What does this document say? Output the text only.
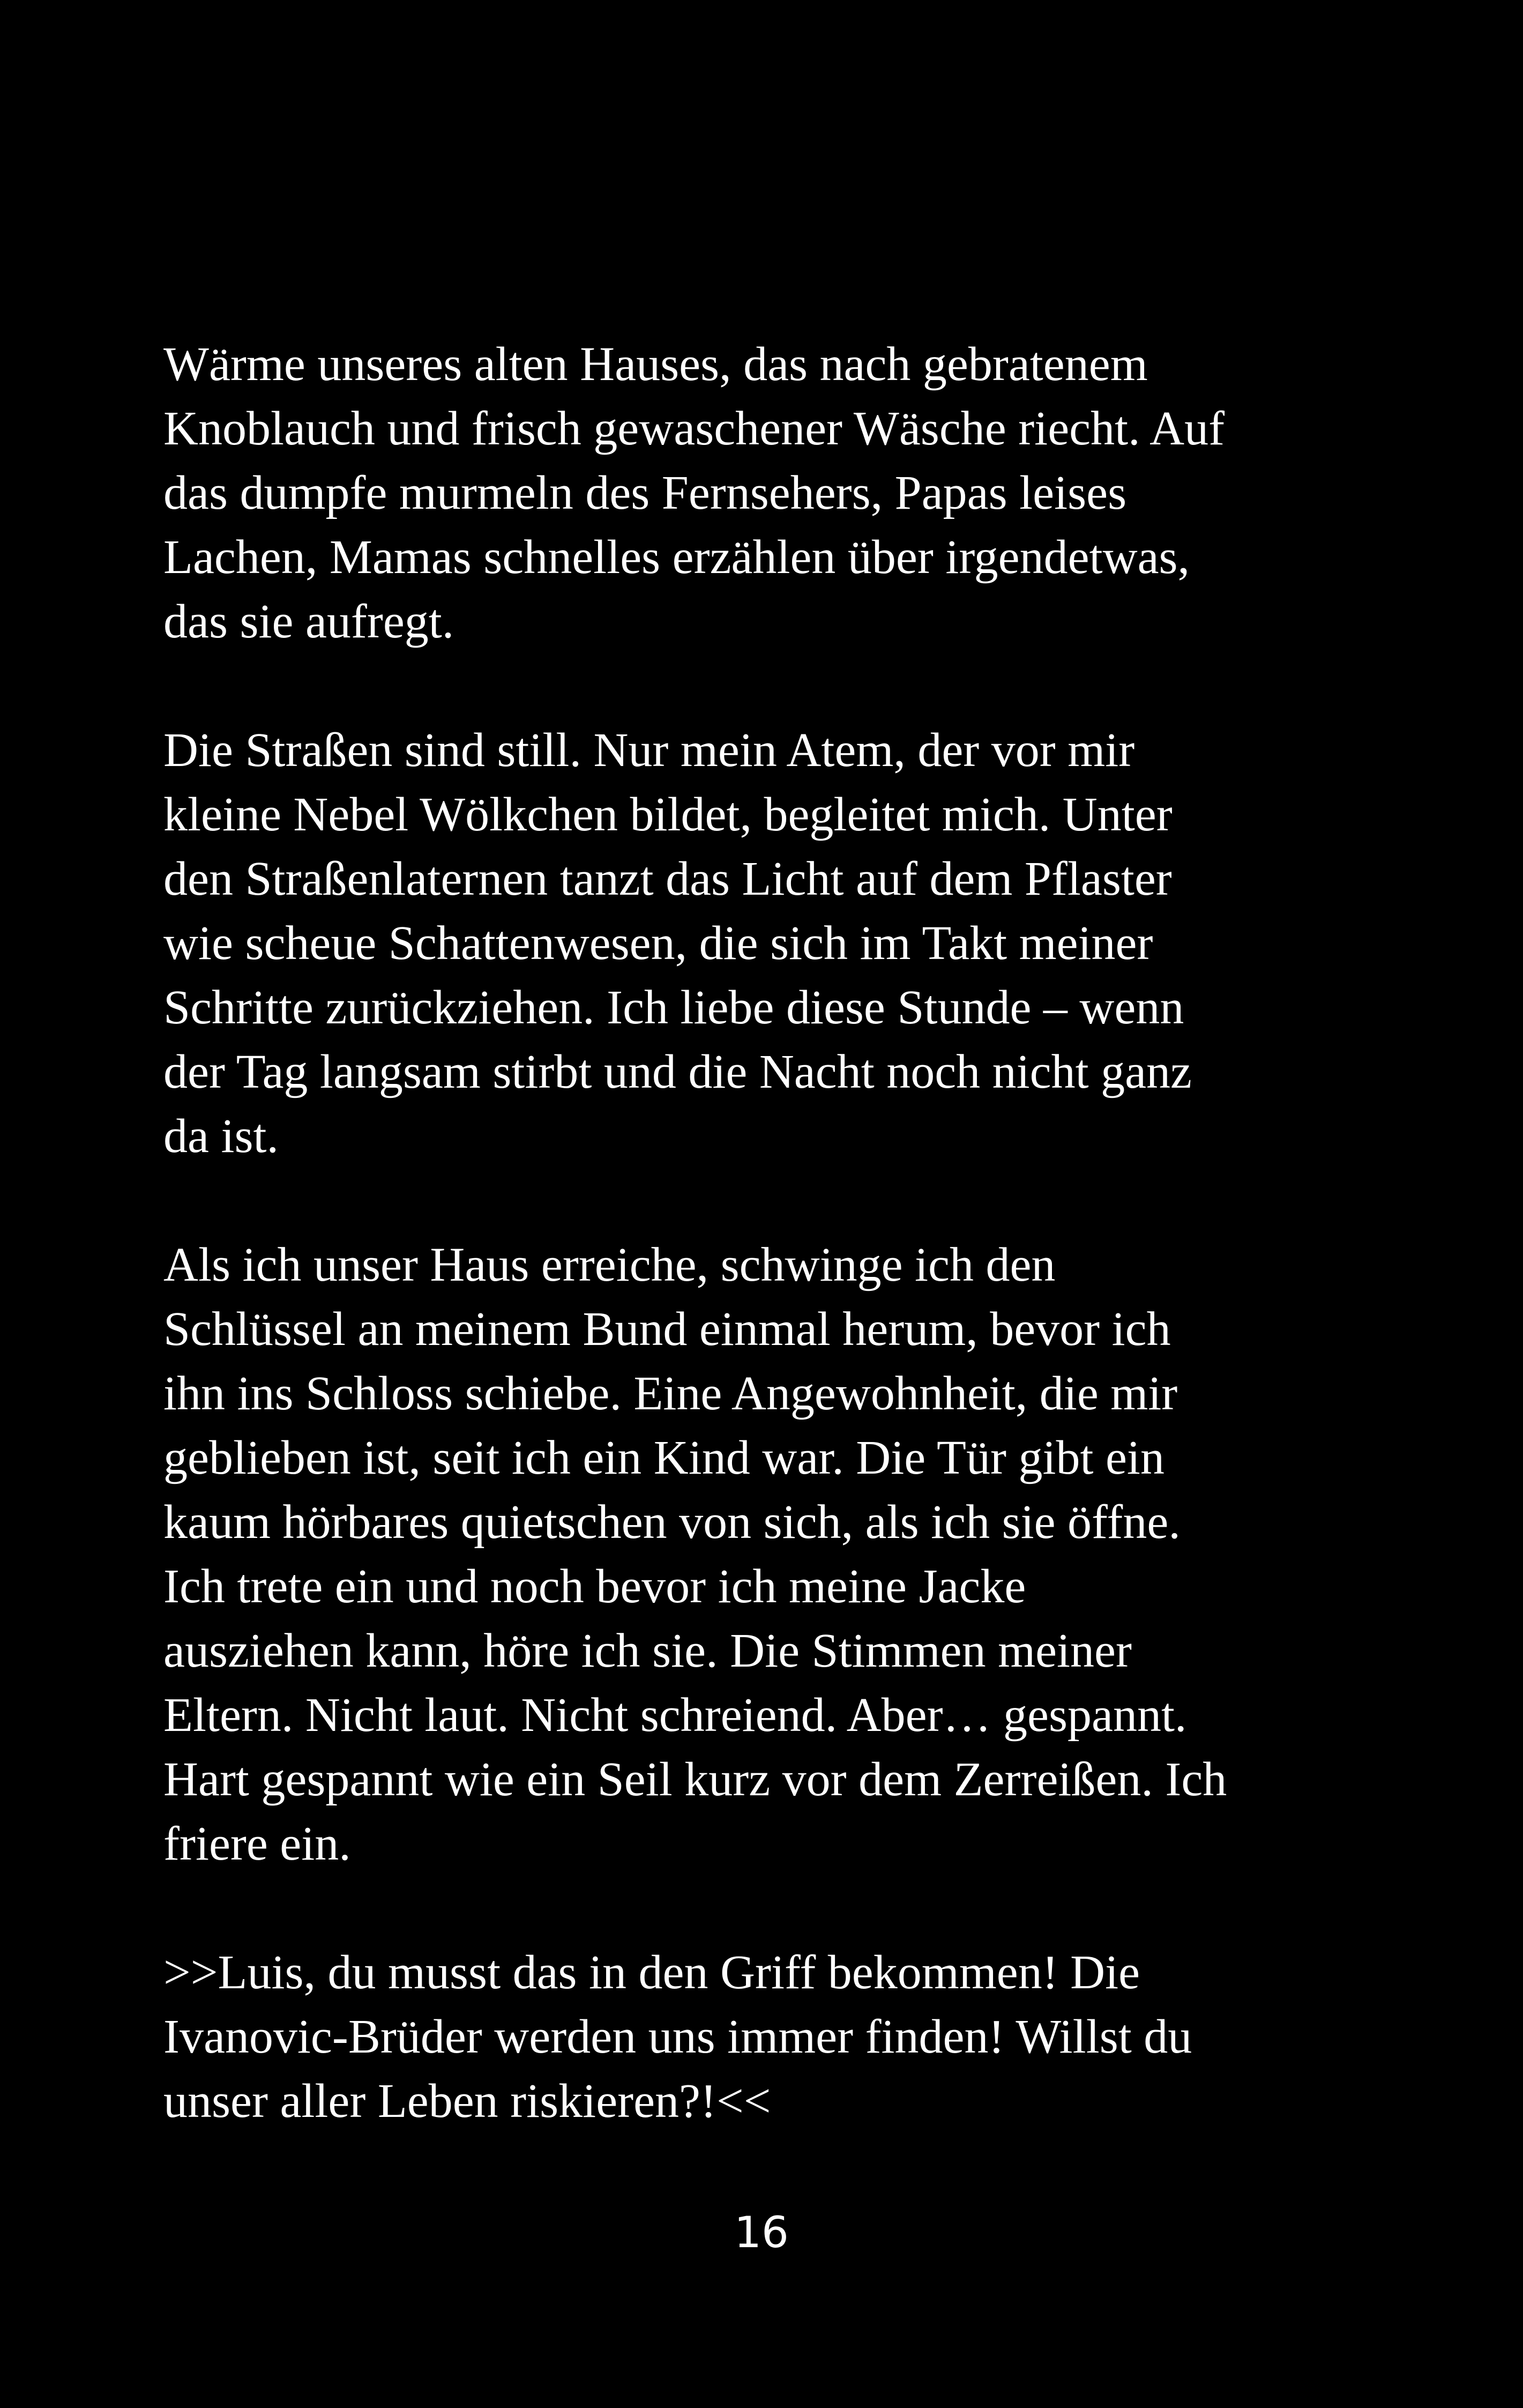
Wärme unseres alten Hauses, das nach gebratenem
Knoblauch und frisch gewaschener Wäsche riecht. Auf
das dumpfe murmeln des Fernsehers, Papas leises
Lachen, Mamas schnelles erzählen über irgendetwas,
das sie aufregt.
Die Straßen sind still. Nur mein Atem, der vor mir
kleine Nebel Wölkchen bildet, begleitet mich. Unter
den Straßenlaternen tanzt das Licht auf dem Pflaster
wie scheue Schattenwesen, die sich im Takt meiner
Schritte zurückziehen. Ich liebe diese Stunde – wenn
der Tag langsam stirbt und die Nacht noch nicht ganz
da ist.
Als ich unser Haus erreiche, schwinge ich den
Schlüssel an meinem Bund einmal herum, bevor ich
ihn ins Schloss schiebe. Eine Angewohnheit, die mir
geblieben ist, seit ich ein Kind war. Die Tür gibt ein
kaum hörbares quietschen von sich, als ich sie öffne.
Ich trete ein und noch bevor ich meine Jacke
ausziehen kann, höre ich sie. Die Stimmen meiner
Eltern. Nicht laut. Nicht schreiend. Aber… gespannt.
Hart gespannt wie ein Seil kurz vor dem Zerreißen. Ich
friere ein.
>>Luis, du musst das in den Griff bekommen! Die
Ivanovic-Brüder werden uns immer finden! Willst du
unser aller Leben riskieren?!<<
16
